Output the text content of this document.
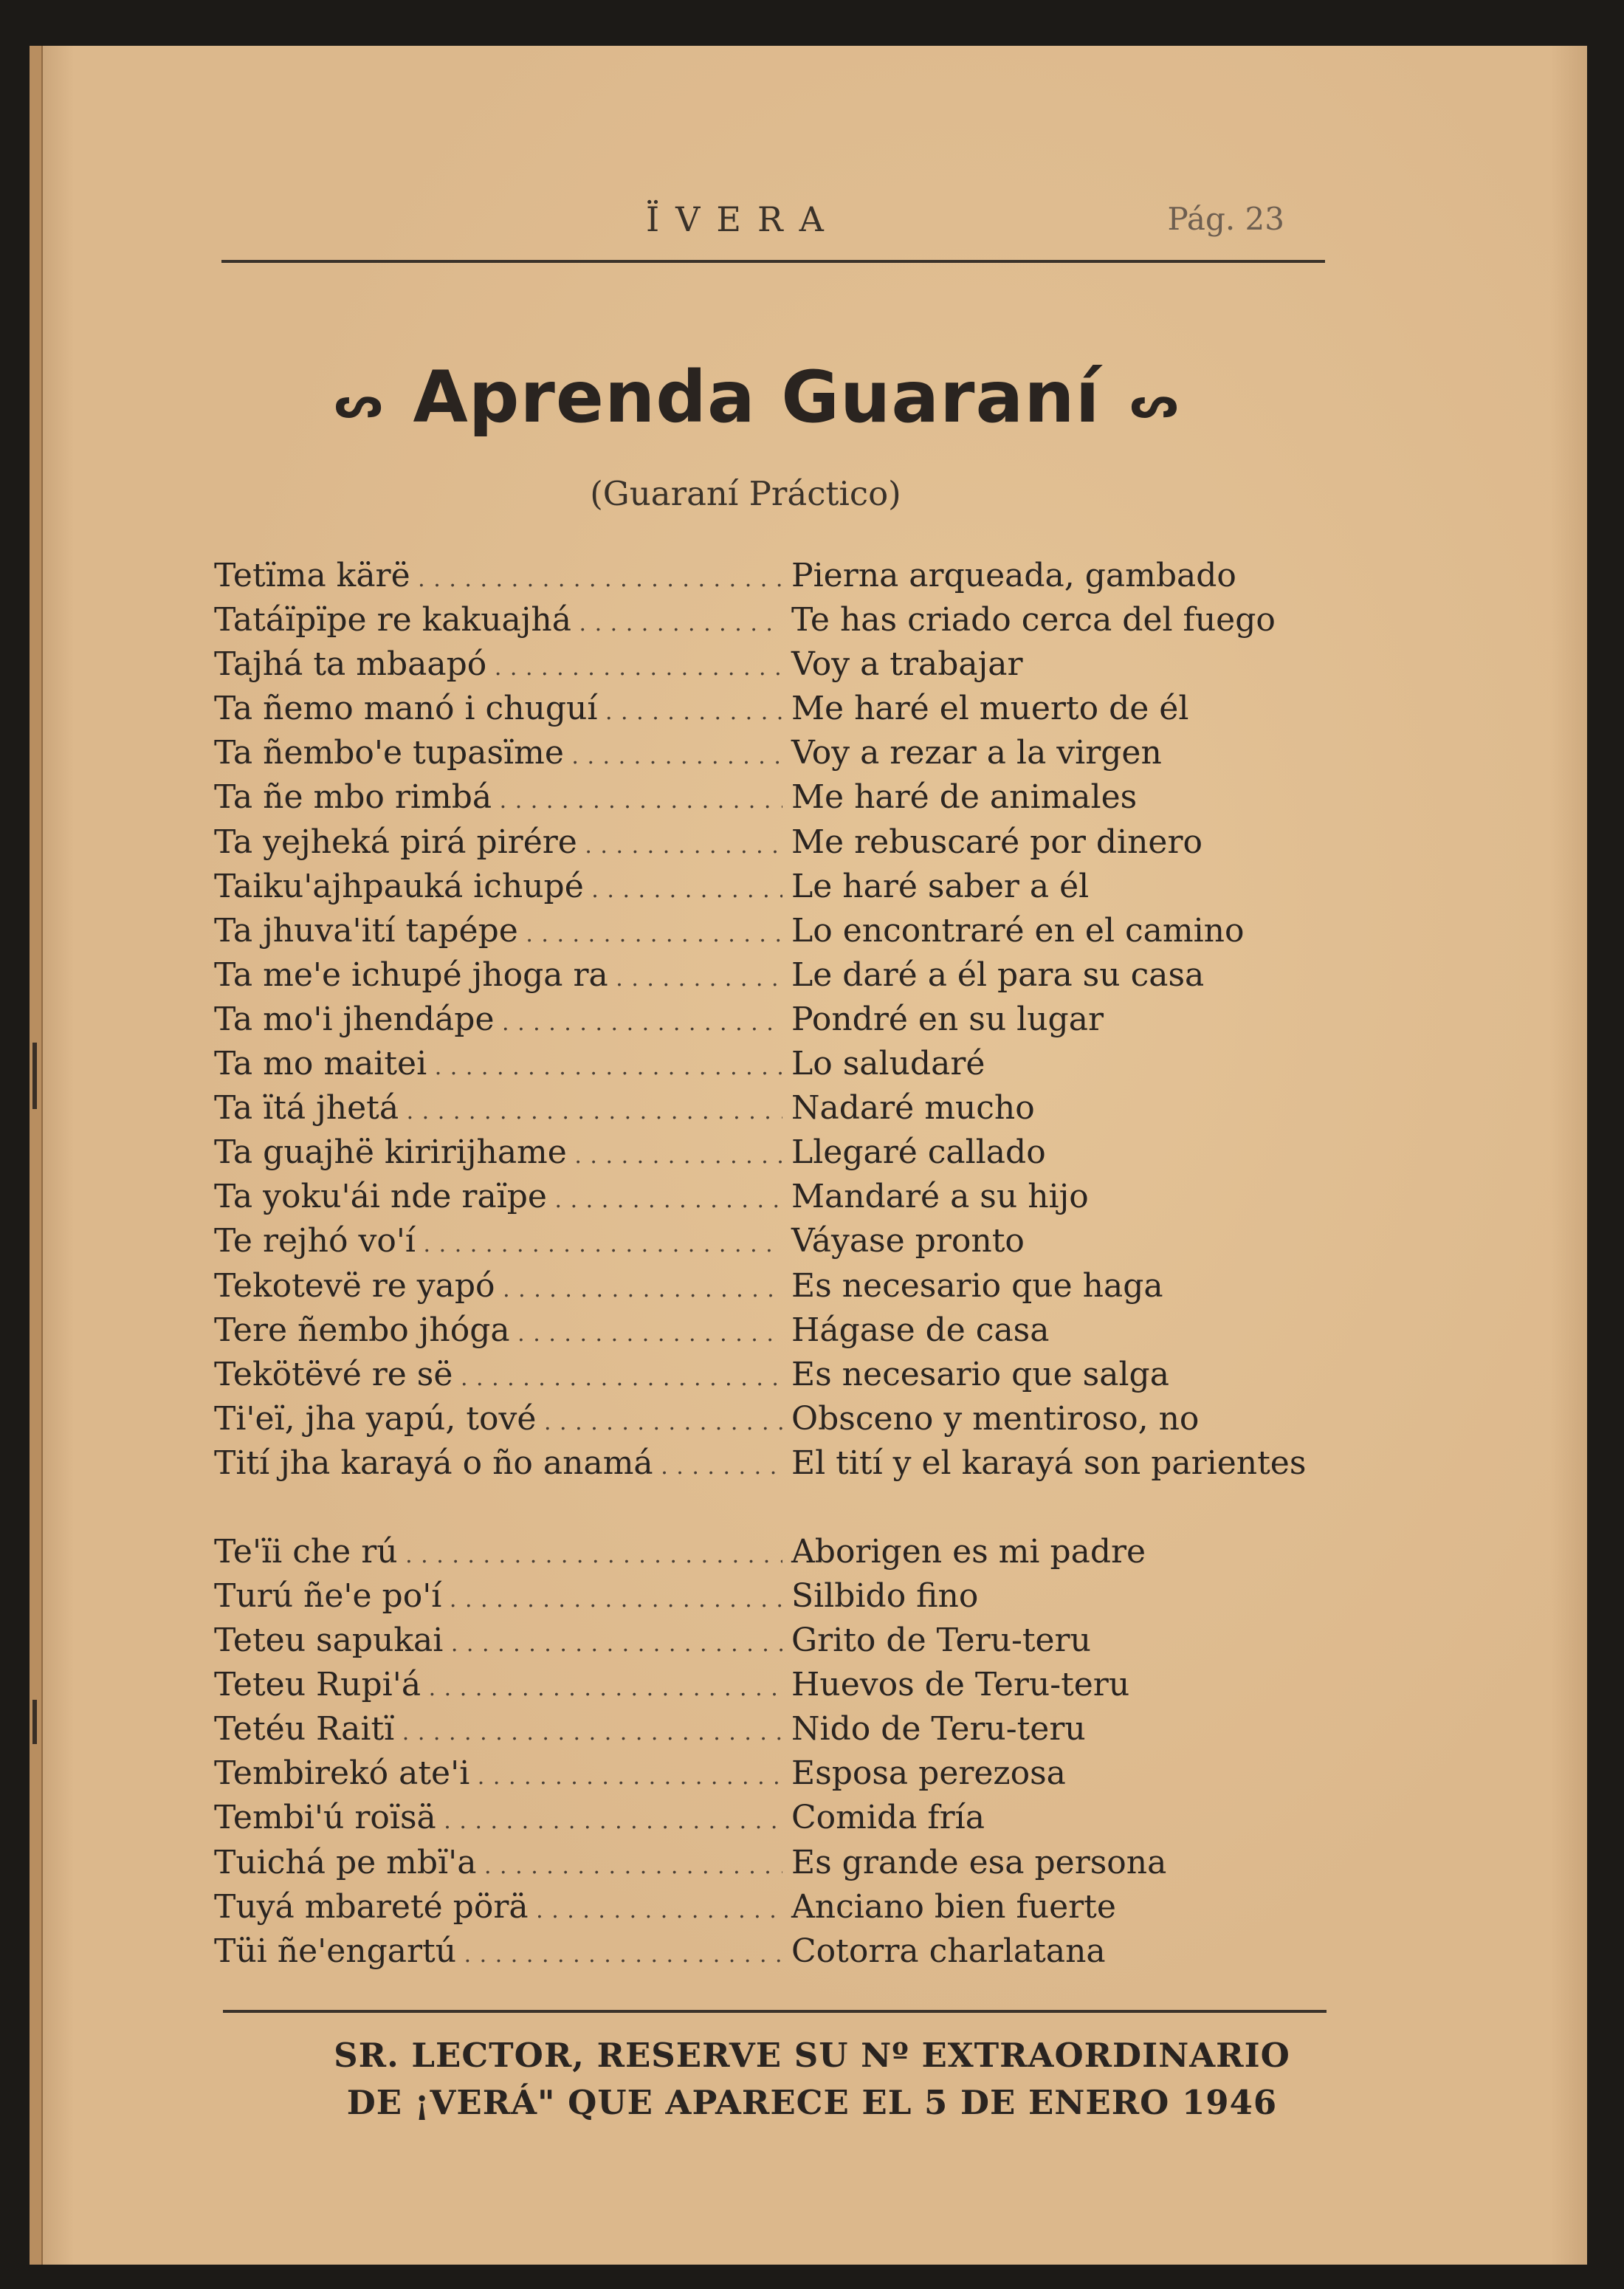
ÏVERA	Pág. 23
ᔕ Aprenda Guaraní ᔕ
(Guaraní Práctico)
Tetïma kärë . . .	Pierna arqueada, gambado
Tatáïpïpe re kakuajhá . . .	Te has criado cerca del fuego
Tajhá ta mbaapó . . .	Voy a trabajar
Ta ñemo manó i chuguí . . .	Me haré el muerto de él
Ta ñembo'e tupasïme . . .	Voy a rezar a la virgen
Ta ñe mbo rimbá . . .	Me haré de animales
Ta yejheká pirá pirére . . .	Me rebuscaré por dinero
Taiku'ajhpauká ichupé . . .	Le haré saber a él
Ta jhuva'ití tapépe . . .	Lo encontraré en el camino
Ta me'e ichupé jhoga ra . . .	Le daré a él para su casa
Ta mo'i jhendápe . . .	Pondré en su lugar
Ta mo maitei . . .	Lo saludaré
Ta ïtá jhetá . . .	Nadaré mucho
Ta guajhë kiririjhame . . .	Llegaré callado
Ta yoku'ái nde raïpe . . .	Mandaré a su hijo
Te rejhó vo'í . . .	Váyase pronto
Tekotevë re yapó . . .	Es necesario que haga
Tere ñembo jhóga . . .	Hágase de casa
Tekötëvé re së . . .	Es necesario que salga
Ti'eï, jha yapú, tové . . .	Obsceno y mentiroso, no
Tití jha karayá o ño anamá . . .	El tití y el karayá son parientes
Te'ïi che rú . . .	Aborigen es mi padre
Turú ñe'e po'í . . .	Silbido fino
Teteu sapukai . . .	Grito de Teru-teru
Teteu Rupi'á . . .	Huevos de Teru-teru
Tetéu Raitï . . .	Nido de Teru-teru
Tembirekó ate'i . . .	Esposa perezosa
Tembi'ú roïsä . . .	Comida fría
Tuichá pe mbï'a . . .	Es grande esa persona
Tuyá mbareté pörä . . .	Anciano bien fuerte
Tüi ñe'engartú . . .	Cotorra charlatana
SR. LECTOR, RESERVE SU Nº EXTRAORDINARIO
DE ¡VERÁ" QUE APARECE EL 5 DE ENERO 1946
